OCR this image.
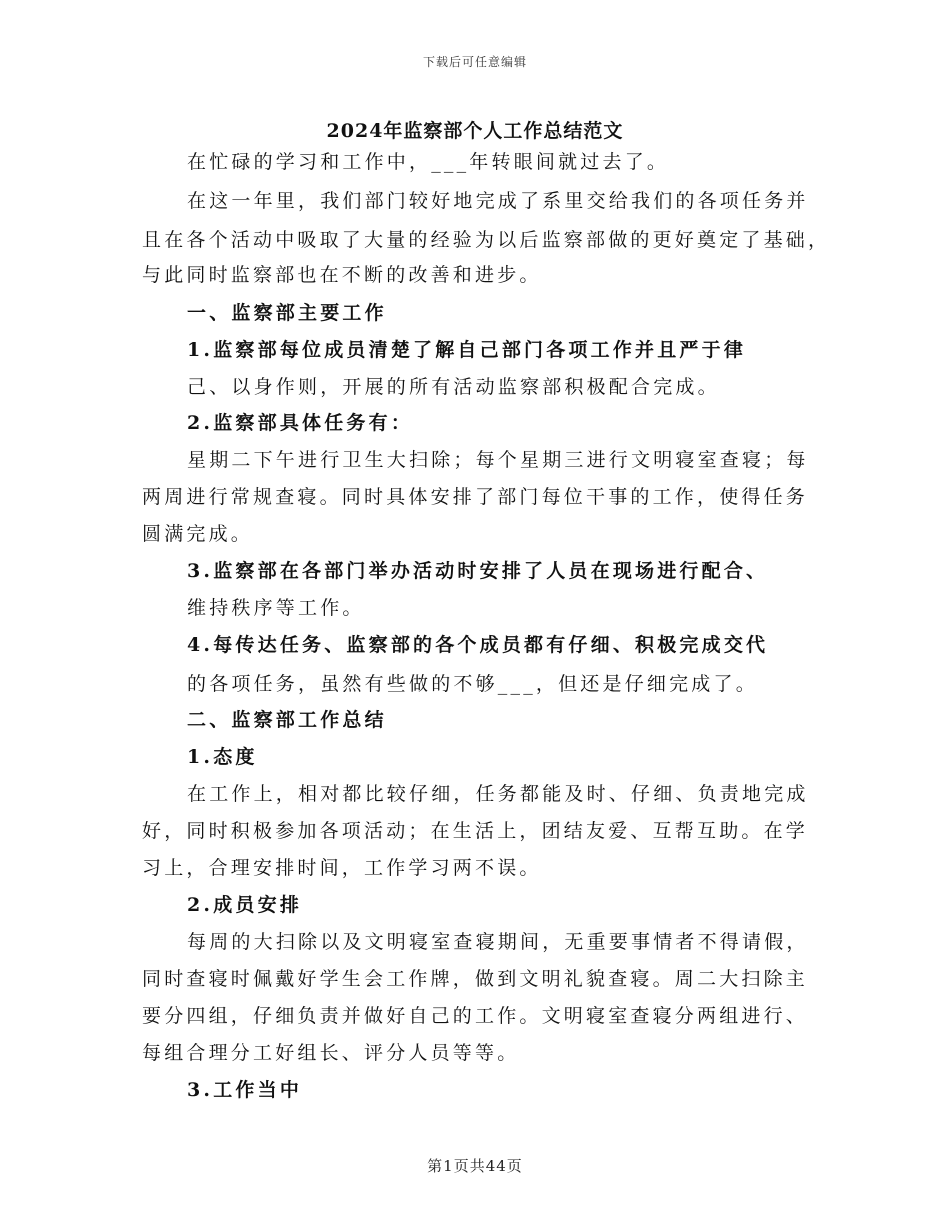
下载后可任意编辑
2024年监察部个人工作总结范文
在忙碌的学习和工作中，___年转眼间就过去了。
在这一年里，我们部门较好地完成了系里交给我们的各项任务并
且在各个活动中吸取了大量的经验为以后监察部做的更好奠定了基础，
与此同时监察部也在不断的改善和进步。
一、监察部主要工作
1.监察部每位成员清楚了解自己部门各项工作并且严于律
己、以身作则，开展的所有活动监察部积极配合完成。
2.监察部具体任务有：
星期二下午进行卫生大扫除；每个星期三进行文明寝室查寝；每
两周进行常规查寝。同时具体安排了部门每位干事的工作，使得任务
圆满完成。
3.监察部在各部门举办活动时安排了人员在现场进行配合、
维持秩序等工作。
4.每传达任务、监察部的各个成员都有仔细、积极完成交代
的各项任务，虽然有些做的不够___，但还是仔细完成了。
二、监察部工作总结
1.态度
在工作上，相对都比较仔细，任务都能及时、仔细、负责地完成
好，同时积极参加各项活动；在生活上，团结友爱、互帮互助。在学
习上，合理安排时间，工作学习两不误。
2.成员安排
每周的大扫除以及文明寝室查寝期间，无重要事情者不得请假，
同时查寝时佩戴好学生会工作牌，做到文明礼貌查寝。周二大扫除主
要分四组，仔细负责并做好自己的工作。文明寝室查寝分两组进行、
每组合理分工好组长、评分人员等等。
3.工作当中
第1页共44页
